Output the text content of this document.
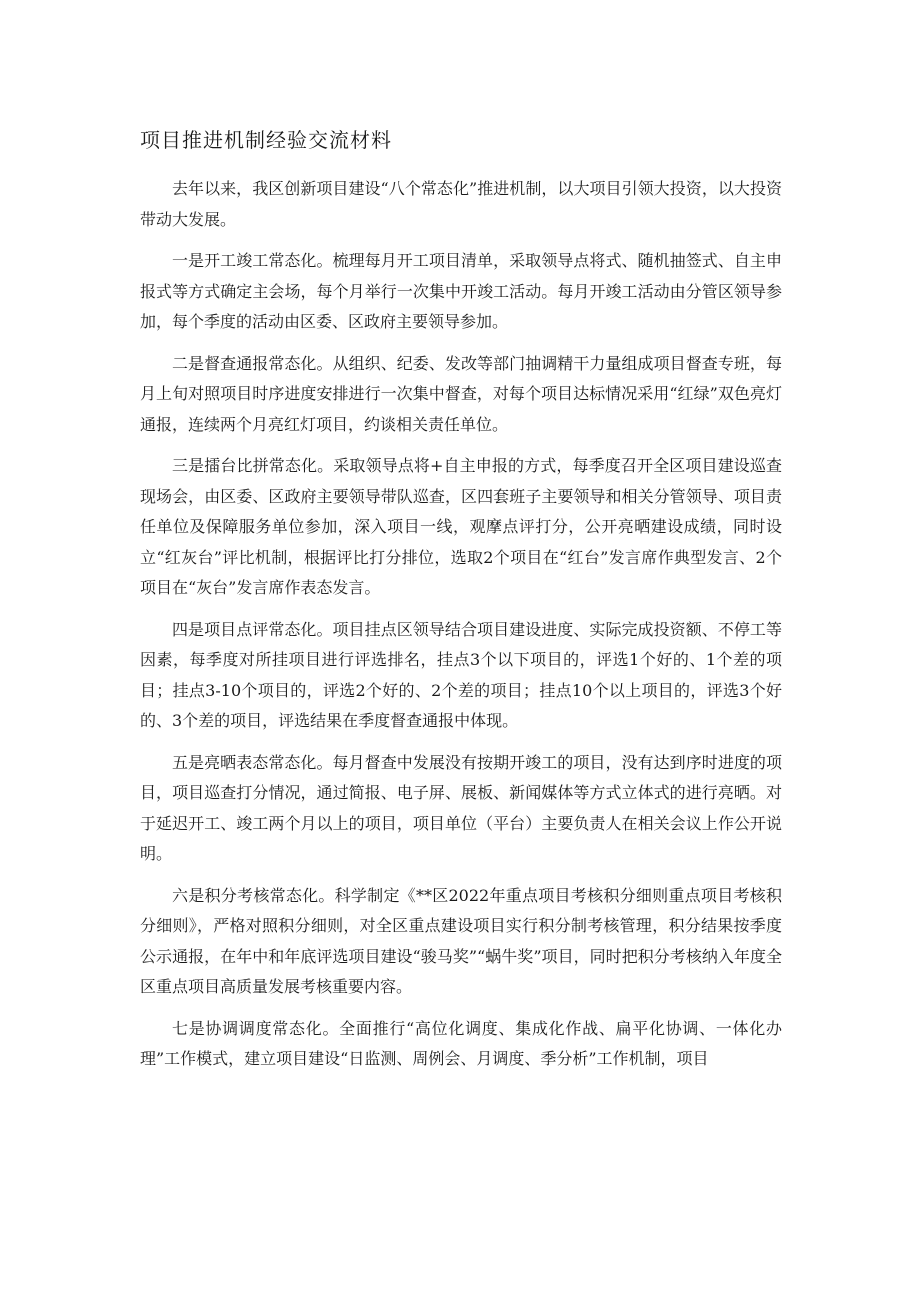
项目推进机制经验交流材料

去年以来，我区创新项目建设“八个常态化”推进机制，以大项目引领大投资，以大投资带动大发展。

一是开工竣工常态化。梳理每月开工项目清单，采取领导点将式、随机抽签式、自主申报式等方式确定主会场，每个月举行一次集中开竣工活动。每月开竣工活动由分管区领导参加，每个季度的活动由区委、区政府主要领导参加。

二是督查通报常态化。从组织、纪委、发改等部门抽调精干力量组成项目督查专班，每月上旬对照项目时序进度安排进行一次集中督查，对每个项目达标情况采用“红绿”双色亮灯通报，连续两个月亮红灯项目，约谈相关责任单位。

三是擂台比拼常态化。采取领导点将+自主申报的方式，每季度召开全区项目建设巡查现场会，由区委、区政府主要领导带队巡查，区四套班子主要领导和相关分管领导、项目责任单位及保障服务单位参加，深入项目一线，观摩点评打分，公开亮晒建设成绩，同时设立“红灰台”评比机制，根据评比打分排位，选取2个项目在“红台”发言席作典型发言、2个项目在“灰台”发言席作表态发言。

四是项目点评常态化。项目挂点区领导结合项目建设进度、实际完成投资额、不停工等因素，每季度对所挂项目进行评选排名，挂点3个以下项目的，评选1个好的、1个差的项目；挂点3-10个项目的，评选2个好的、2个差的项目；挂点10个以上项目的，评选3个好的、3个差的项目，评选结果在季度督查通报中体现。

五是亮晒表态常态化。每月督查中发展没有按期开竣工的项目，没有达到序时进度的项目，项目巡查打分情况，通过简报、电子屏、展板、新闻媒体等方式立体式的进行亮晒。对于延迟开工、竣工两个月以上的项目，项目单位（平台）主要负责人在相关会议上作公开说明。

六是积分考核常态化。科学制定《**区2022年重点项目考核积分细则重点项目考核积分细则》，严格对照积分细则，对全区重点建设项目实行积分制考核管理，积分结果按季度公示通报，在年中和年底评选项目建设“骏马奖”“蜗牛奖”项目，同时把积分考核纳入年度全区重点项目高质量发展考核重要内容。

七是协调调度常态化。全面推行“高位化调度、集成化作战、扁平化协调、一体化办理”工作模式，建立项目建设“日监测、周例会、月调度、季分析”工作机制，项目
